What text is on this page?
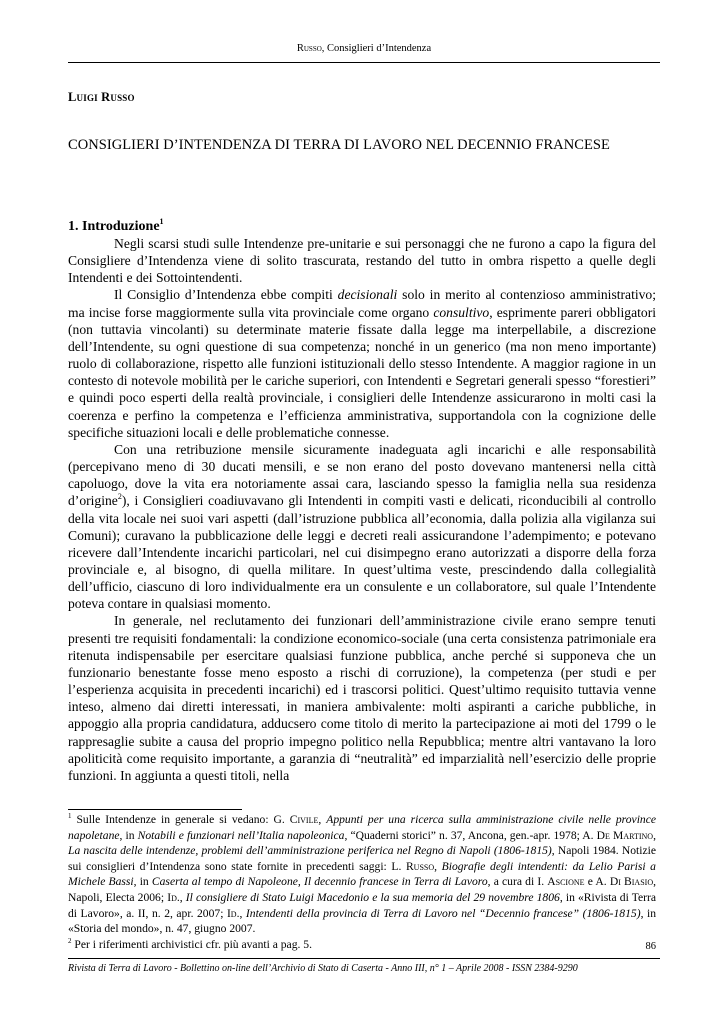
Russo, Consiglieri d’Intendenza
Luigi Russo
CONSIGLIERI D’INTENDENZA DI TERRA DI LAVORO NEL DECENNIO FRANCESE
1. Introduzione$^1$

Negli scarsi studi sulle Intendenze pre-unitarie e sui personaggi che ne furono a capo la figura del Consigliere d’Intendenza viene di solito trascurata, restando del tutto in ombra rispetto a quelle degli Intendenti e dei Sottointendenti.

Il Consiglio d’Intendenza ebbe compiti decisionali solo in merito al contenzioso amministrativo; ma incise forse maggiormente sulla vita provinciale come organo consultivo, esprimente pareri obbligatori (non tuttavia vincolanti) su determinate materie fissate dalla legge ma interpellabile, a discrezione dell’Intendente, su ogni questione di sua competenza; nonché in un generico (ma non meno importante) ruolo di collaborazione, rispetto alle funzioni istituzionali dello stesso Intendente. A maggior ragione in un contesto di notevole mobilità per le cariche superiori, con Intendenti e Segretari generali spesso “forestieri” e quindi poco esperti della realtà provinciale, i consiglieri delle Intendenze assicurarono in molti casi la coerenza e perfino la competenza e l’efficienza amministrativa, supportandola con la cognizione delle specifiche situazioni locali e delle problematiche connesse.

Con una retribuzione mensile sicuramente inadeguata agli incarichi e alle responsabilità (percepivano meno di 30 ducati mensili, e se non erano del posto dovevano mantenersi nella città capoluogo, dove la vita era notoriamente assai cara, lasciando spesso la famiglia nella sua residenza d’origine$^2$), i Consiglieri coadiuvavano gli Intendenti in compiti vasti e delicati, riconducibili al controllo della vita locale nei suoi vari aspetti (dall’istruzione pubblica all’economia, dalla polizia alla vigilanza sui Comuni); curavano la pubblicazione delle leggi e decreti reali assicurandone l’adempimento; e potevano ricevere dall’Intendente incarichi particolari, nel cui disimpegno erano autorizzati a disporre della forza provinciale e, al bisogno, di quella militare. In quest’ultima veste, prescindendo dalla collegialità dell’ufficio, ciascuno di loro individualmente era un consulente e un collaboratore, sul quale l’Intendente poteva contare in qualsiasi momento.

In generale, nel reclutamento dei funzionari dell’amministrazione civile erano sempre tenuti presenti tre requisiti fondamentali: la condizione economico-sociale (una certa consistenza patrimoniale era ritenuta indispensabile per esercitare qualsiasi funzione pubblica, anche perché si supponeva che un funzionario benestante fosse meno esposto a rischi di corruzione), la competenza (per studi e per l’esperienza acquisita in precedenti incarichi) ed i trascorsi politici. Quest’ultimo requisito tuttavia venne inteso, almeno dai diretti interessati, in maniera ambivalente: molti aspiranti a cariche pubbliche, in appoggio alla propria candidatura, adducsero come titolo di merito la partecipazione ai moti del 1799 o le rappresaglie subite a causa del proprio impegno politico nella Repubblica; mentre altri vantavano la loro apoliticità come requisito importante, a garanzia di “neutralità” ed imparzialità nell’esercizio delle proprie funzioni. In aggiunta a questi titoli, nella

$^1$ Sulle Intendenze in generale si vedano: G. Civile, Appunti per una ricerca sulla amministrazione civile nelle province napoletane, in Notabili e funzionari nell’Italia napoleonica, “Quaderni storici” n. 37, Ancona, gen.-apr. 1978; A. De Martino, La nascita delle intendenze, problemi dell’amministrazione periferica nel Regno di Napoli (1806-1815), Napoli 1984. Notizie sui consiglieri d’Intendenza sono state fornite in precedenti saggi: L. Russo, Biografie degli intendenti: da Lelio Parisi a Michele Bassi, in Caserta al tempo di Napoleone, Il decennio francese in Terra di Lavoro, a cura di I. Ascione e A. Di Biasio, Napoli, Electa 2006; Id., Il consigliere di Stato Luigi Macedonio e la sua memoria del 29 novembre 1806, in «Rivista di Terra di Lavoro», a. II, n. 2, apr. 2007; Id., Intendenti della provincia di Terra di Lavoro nel “Decennio francese” (1806-1815), in «Storia del mondo», n. 47, giugno 2007.

$^2$ Per i riferimenti archivistici cfr. più avanti a pag. 5.	86
Rivista di Terra di Lavoro - Bollettino on-line dell’Archivio di Stato di Caserta - Anno III, n° 1 – Aprile 2008 - ISSN 2384-9290
